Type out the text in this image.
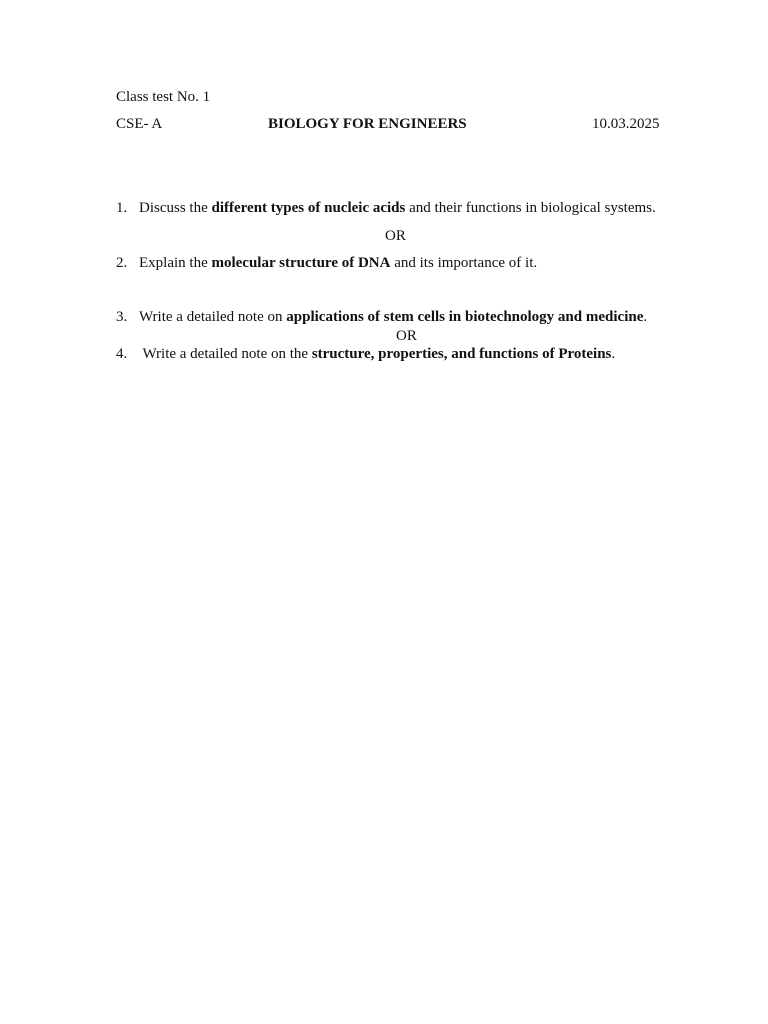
Class test No. 1
CSE- A	BIOLOGY FOR ENGINEERS	10.03.2025
1. Discuss the different types of nucleic acids and their functions in biological systems.
OR
2. Explain the molecular structure of DNA and its importance of it.
3. Write a detailed note on applications of stem cells in biotechnology and medicine.
OR
4. Write a detailed note on the structure, properties, and functions of Proteins.
